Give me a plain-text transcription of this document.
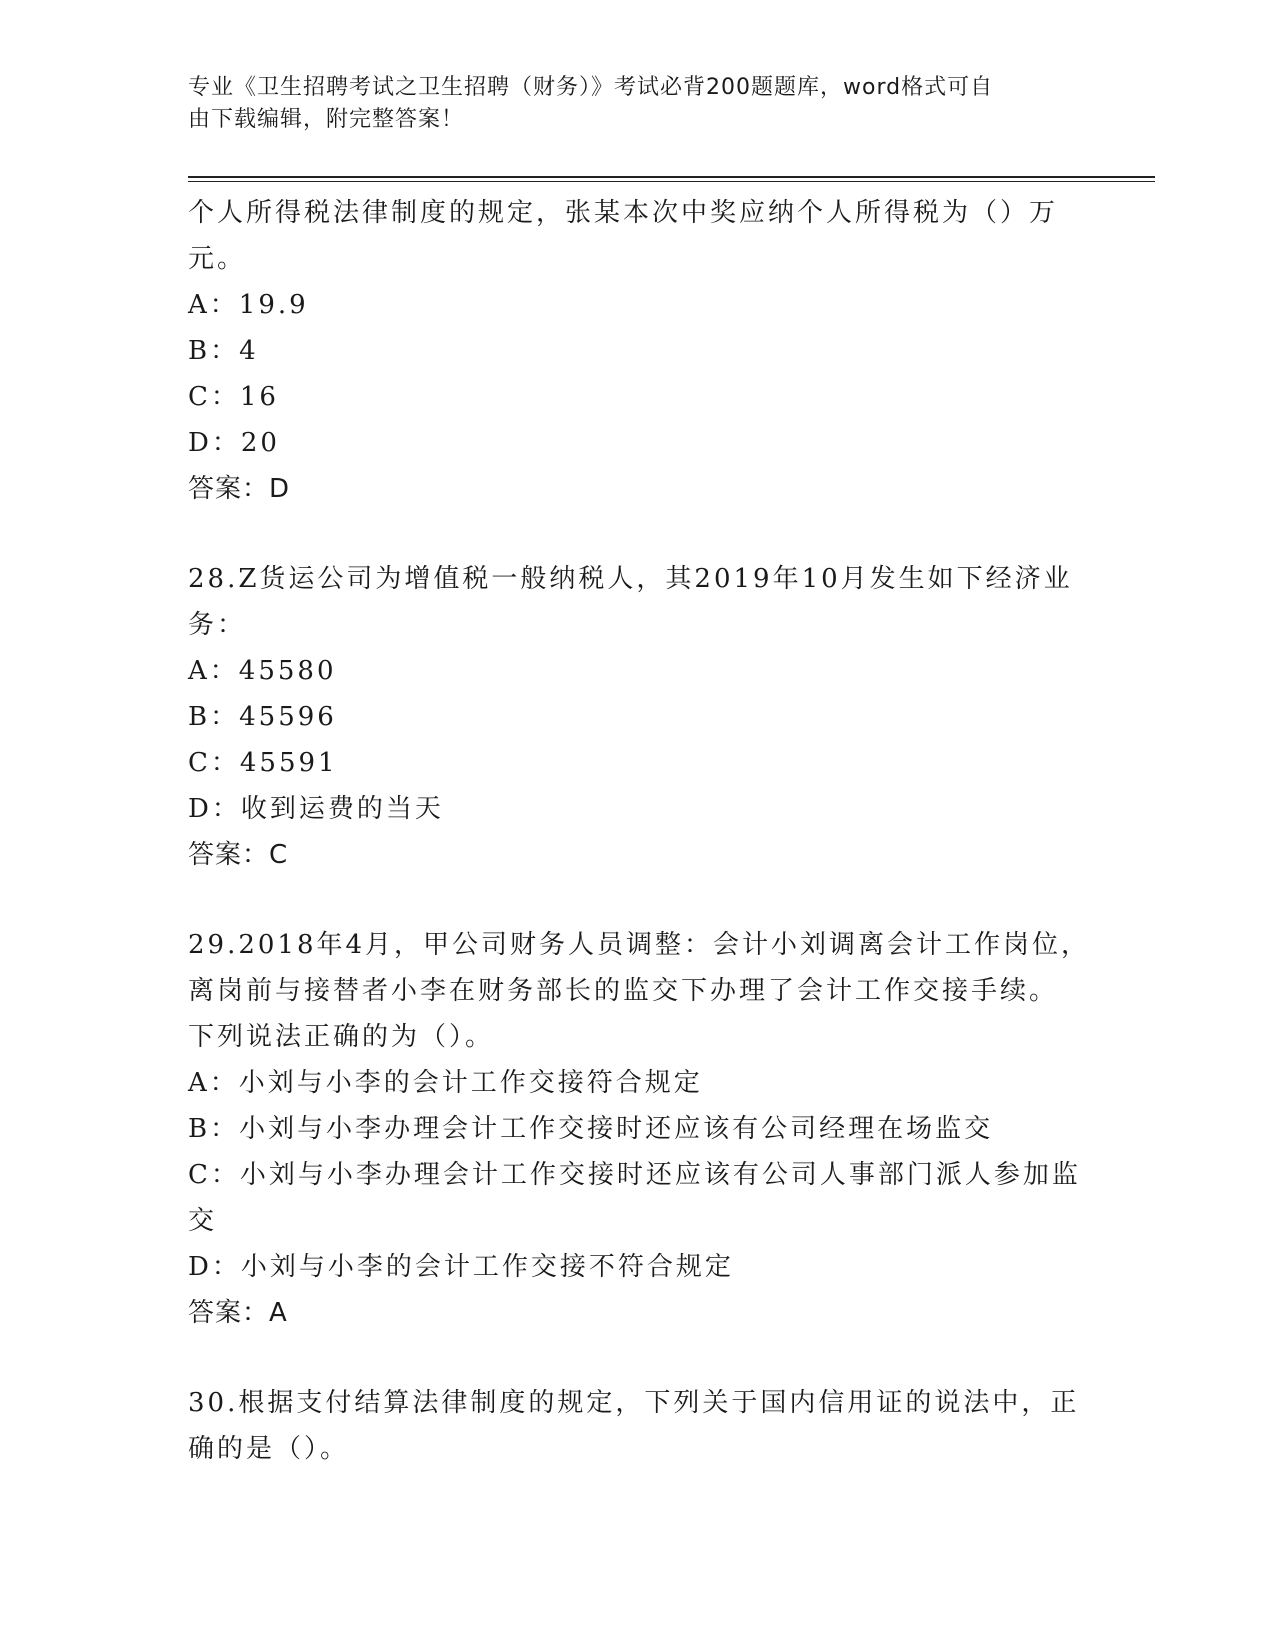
专业《卫生招聘考试之卫生招聘（财务）》考试必背200题题库，word格式可自
由下载编辑，附完整答案！
个人所得税法律制度的规定，张某本次中奖应纳个人所得税为（）万
元。
A：19.9
B：4
C：16
D：20
答案：D
28.Z货运公司为增值税一般纳税人，其2019年10月发生如下经济业
务：
A：45580
B：45596
C：45591
D：收到运费的当天
答案：C
29.2018年4月，甲公司财务人员调整：会计小刘调离会计工作岗位，
离岗前与接替者小李在财务部长的监交下办理了会计工作交接手续。
下列说法正确的为（）。
A：小刘与小李的会计工作交接符合规定
B：小刘与小李办理会计工作交接时还应该有公司经理在场监交
C：小刘与小李办理会计工作交接时还应该有公司人事部门派人参加监
交
D：小刘与小李的会计工作交接不符合规定
答案：A
30.根据支付结算法律制度的规定，下列关于国内信用证的说法中，正
确的是（）。
